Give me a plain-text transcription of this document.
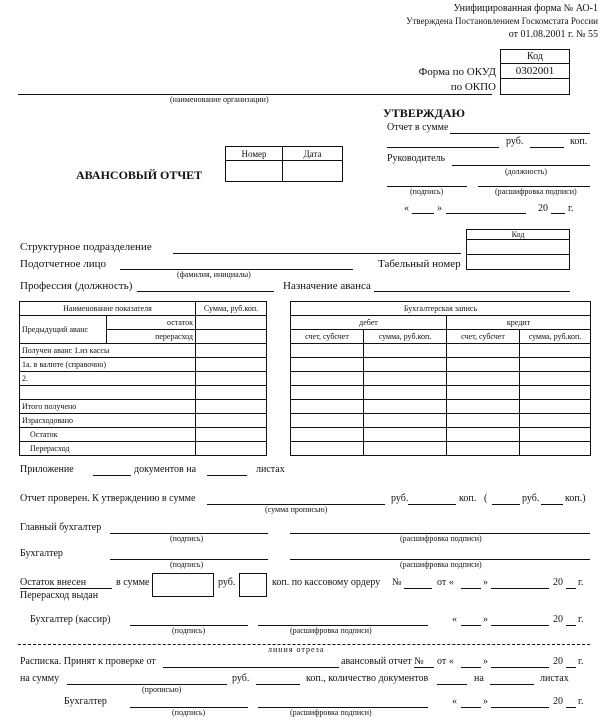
Унифицированная форма № АО-1
Утверждена Постановлением Госкомстата России
от 01.08.2001 г. № 55
Код
Форма по ОКУД	0302001
по ОКПО
(наименование организации)
УТВЕРЖДАЮ
Отчет в сумме
руб.	коп.
Руководитель
(должность)
(подпись)	(расшифровка подписи)
«	»	20 г.
АВАНСОВЫЙ ОТЧЕТ
Номер	Дата

Код
Структурное подразделение
Подотчетное лицо
(фамилия, инициалы)
Табельный номер
Профессия (должность)	Назначение аванса
Наименование показателя		Сумма, руб.коп.
Предыдущий аванс	остаток	
	перерасход	
Получен аванс 1.из кассы		
1а. в валюте (справочно)		
2.		

Итого получено		
Израсходовано		
Остаток		
Перерасход		
Бухгалтерская запись			
дебет		кредит	
счет, субсчет	сумма, руб.коп.	счет, субсчет	сумма, руб.коп.

Приложение	документов на	листах
Отчет проверен. К утверждению в сумме
(сумма прописью)
руб.	коп. (	руб.	коп.)
Главный бухгалтер
(подпись)	(расшифровка подписи)
Бухгалтер
(подпись)	(расшифровка подписи)
Остаток внесен
Перерасход выдан
в сумме	руб.	коп. по кассовому ордеру №	от «	»	20 г.
Бухгалтер (кассир)
(подпись)	(расшифровка подписи)
«	»	20 г.
линия отреза
Расписка. Принят к проверке от	авансовый отчет № от «	»	20 г.
на сумму
(прописью)
руб.	коп., количество документов	на	листах
Бухгалтер
(подпись)	(расшифровка подписи)
«	»	20 г.
